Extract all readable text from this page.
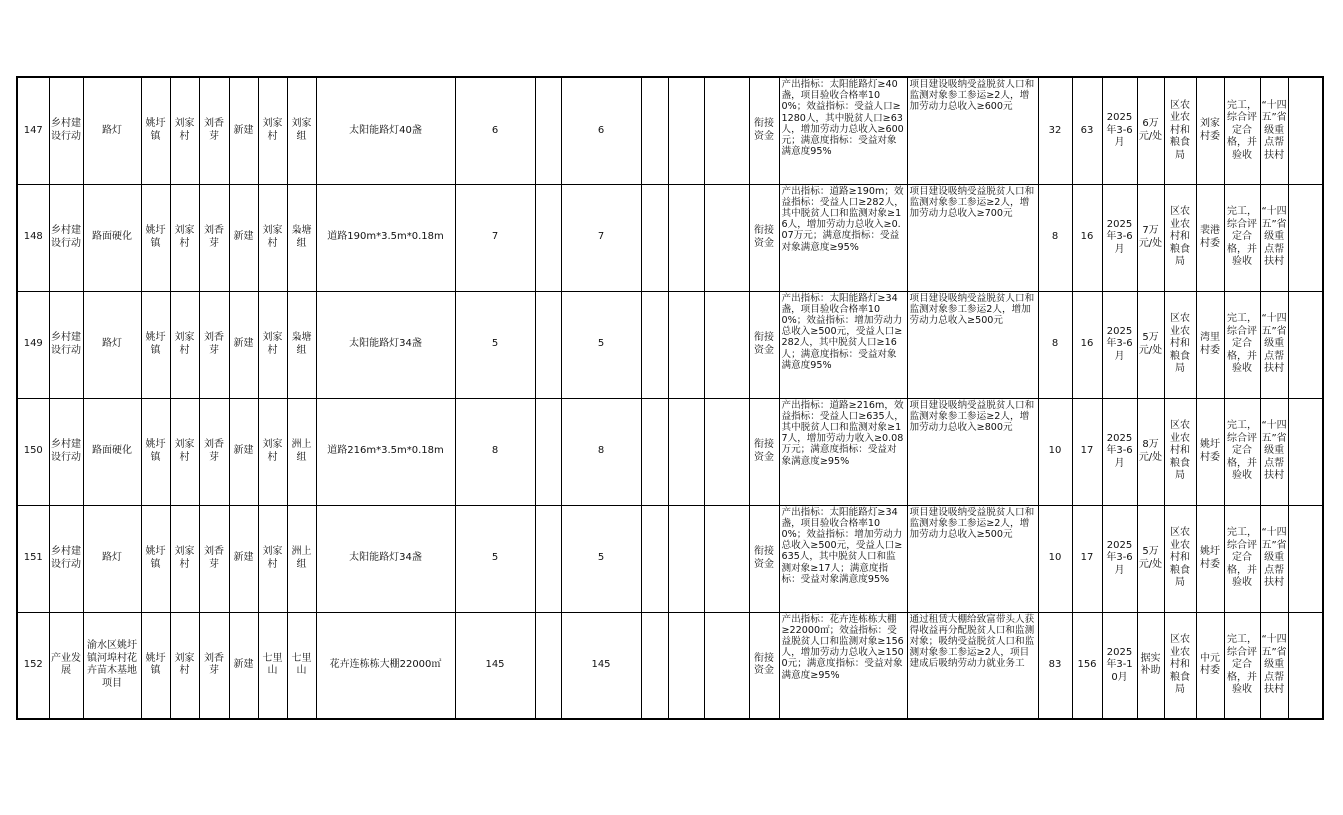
147	乡村建设行动	路灯	姚圩镇	刘家村	刘香芽	新建	刘家村	刘家组	太阳能路灯40盏	6		6				衔接资金	产出指标：太阳能路灯≥40盏，项目验收合格率100%；效益指标：受益人口≥1280人，其中脱贫人口≥63人，增加劳动力总收入≥600元；满意度指标：受益对象满意度95%	项目建设吸纳受益脱贫人口和监测对象参工参运≥2人，增加劳动力总收入≥600元	32	63	2025年3-6月	6万元/处	区农业农村和粮食局	刘家村委	完工，综合评定合格，并验收	“十四五”省级重点帮扶村	
148	乡村建设行动	路面硬化	姚圩镇	刘家村	刘香芽	新建	刘家村	枭塘组	道路190m*3.5m*0.18m	7		7				衔接资金	产出指标：道路≥190m；效益指标：受益人口≥282人，其中脱贫人口和监测对象≥16人，增加劳动力总收入≥0.07万元；满意度指标：受益对象满意度≥95%	项目建设吸纳受益脱贫人口和监测对象参工参运≥2人，增加劳动力总收入≥700元	8	16	2025年3-6月	7万元/处	区农业农村和粮食局	裴港村委	完工，综合评定合格，并验收	“十四五”省级重点帮扶村	
149	乡村建设行动	路灯	姚圩镇	刘家村	刘香芽	新建	刘家村	枭塘组	太阳能路灯34盏	5		5				衔接资金	产出指标：太阳能路灯≥34盏，项目验收合格率100%；效益指标：增加劳动力总收入≥500元，受益人口≥282人，其中脱贫人口≥16人；满意度指标：受益对象满意度95%	项目建设吸纳受益脱贫人口和监测对象参工参运2人，增加劳动力总收入≥500元	8	16	2025年3-6月	5万元/处	区农业农村和粮食局	湾里村委	完工，综合评定合格，并验收	“十四五”省级重点帮扶村	
150	乡村建设行动	路面硬化	姚圩镇	刘家村	刘香芽	新建	刘家村	洲上组	道路216m*3.5m*0.18m	8		8				衔接资金	产出指标：道路≥216m，效益指标：受益人口≥635人，其中脱贫人口和监测对象≥17人，增加劳动力收入≥0.08万元；满意度指标：受益对象满意度≥95%	项目建设吸纳受益脱贫人口和监测对象参工参运≥2人，增加劳动力总收入≥800元	10	17	2025年3-6月	8万元/处	区农业农村和粮食局	姚圩村委	完工，综合评定合格，并验收	“十四五”省级重点帮扶村	
151	乡村建设行动	路灯	姚圩镇	刘家村	刘香芽	新建	刘家村	洲上组	太阳能路灯34盏	5		5				衔接资金	产出指标：太阳能路灯≥34盏，项目验收合格率100%；效益指标：增加劳动力总收入≥500元，受益人口≥635人，其中脱贫人口和监测对象≥17人；满意度指标：受益对象满意度95%	项目建设吸纳受益脱贫人口和监测对象参工参运≥2人，增加劳动力总收入≥500元	10	17	2025年3-6月	5万元/处	区农业农村和粮食局	姚圩村委	完工，综合评定合格，并验收	“十四五”省级重点帮扶村	
152	产业发展	渝水区姚圩镇河埠村花卉苗木基地项目	姚圩镇	刘家村	刘香芽	新建	七里山	七里山	花卉连栋栋大棚22000㎡	145		145				衔接资金	产出指标：花卉连栋栋大棚≥22000㎡；效益指标：受益脱贫人口和监测对象≥156人，增加劳动力总收入≥1500元；满意度指标：受益对象满意度≥95%	通过租赁大棚给致富带头人获得收益再分配脱贫人口和监测对象；吸纳受益脱贫人口和监测对象参工参运≥2人，项目建成后吸纳劳动力就业务工	83	156	2025年3-10月	据实补助	区农业农村和粮食局	中元村委	完工，综合评定合格，并验收	“十四五”省级重点帮扶村	
